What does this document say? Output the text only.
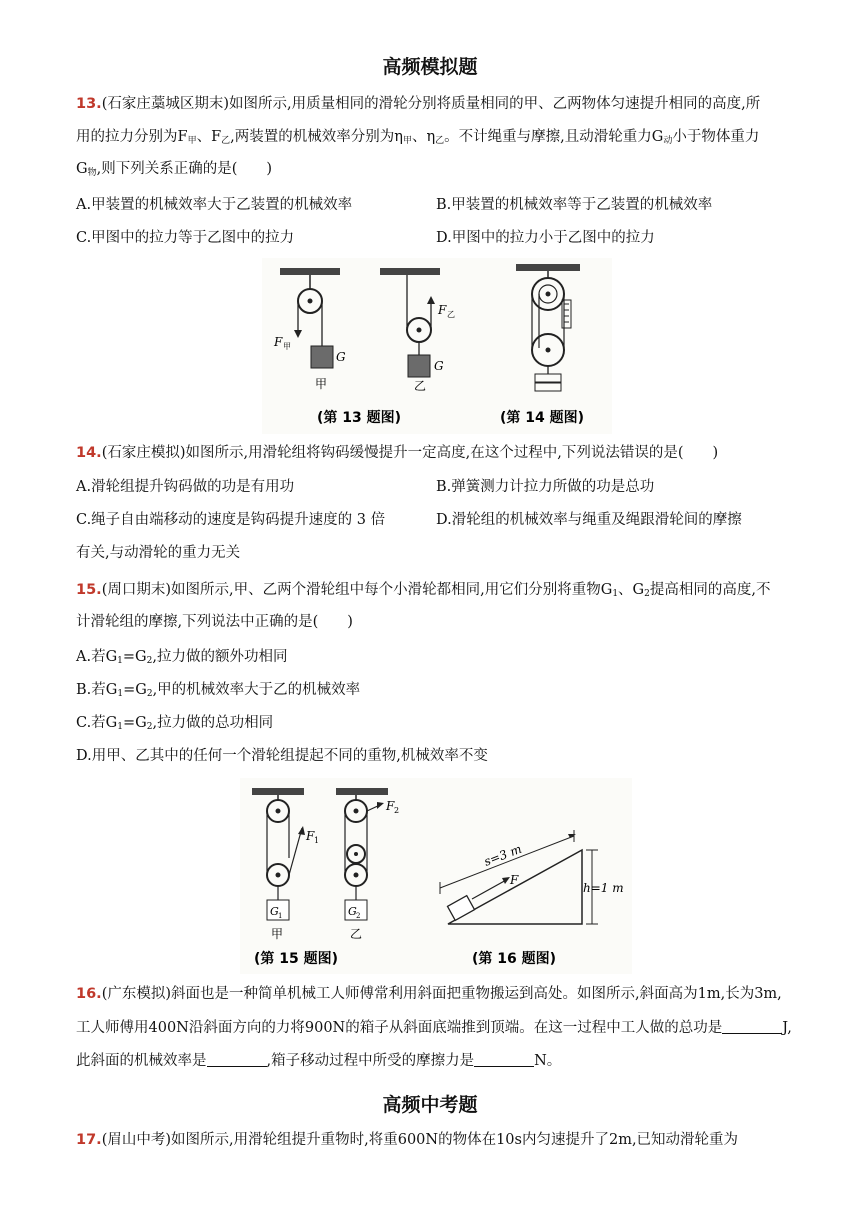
高频模拟题
13.(石家庄藁城区期末)如图所示,用质量相同的滑轮分别将质量相同的甲、乙两物体匀速提升相同的高度,所
用的拉力分别为$F_甲$、$F_乙$,两装置的机械效率分别为$\eta_甲$、$\eta_乙$。不计绳重与摩擦,且动滑轮重力$G_动$小于物体重力
$G_物$,则下列关系正确的是(　　)
A.甲装置的机械效率大于乙装置的机械效率	B.甲装置的机械效率等于乙装置的机械效率
C.甲图中的拉力等于乙图中的拉力	D.甲图中的拉力小于乙图中的拉力
F 甲
G
甲
F 乙
G
乙
(第 13 题图)	(第 14 题图)
14.(石家庄模拟)如图所示,用滑轮组将钩码缓慢提升一定高度,在这个过程中,下列说法错误的是(　　)
A.滑轮组提升钩码做的功是有用功	B.弹簧测力计拉力所做的功是总功
C.绳子自由端移动的速度是钩码提升速度的 3 倍	D.滑轮组的机械效率与绳重及绳跟滑轮间的摩擦
有关,与动滑轮的重力无关
15.(周口期末)如图所示,甲、乙两个滑轮组中每个小滑轮都相同,用它们分别将重物$G_1$、$G_2$提高相同的高度,不
计滑轮组的摩擦,下列说法中正确的是(　　)
A.若$G_1=G_2$,拉力做的额外功相同
B.若$G_1=G_2$,甲的机械效率大于乙的机械效率
C.若$G_1=G_2$,拉力做的总功相同
D.用甲、乙其中的任何一个滑轮组提起不同的重物,机械效率不变
F 1
G 1
甲
F 2
G 2
乙
s=3 m
F
h=1 m
(第 15 题图)	(第 16 题图)
16.(广东模拟)斜面也是一种简单机械工人师傅常利用斜面把重物搬运到高处。如图所示,斜面高为1m,长为3m,
工人师傅用400N沿斜面方向的力将900N的箱子从斜面底端推到顶端。在这一过程中工人做的总功是	J,
此斜面的机械效率是	,箱子移动过程中所受的摩擦力是	N。
高频中考题
17.(眉山中考)如图所示,用滑轮组提升重物时,将重600N的物体在10s内匀速提升了2m,已知动滑轮重为
